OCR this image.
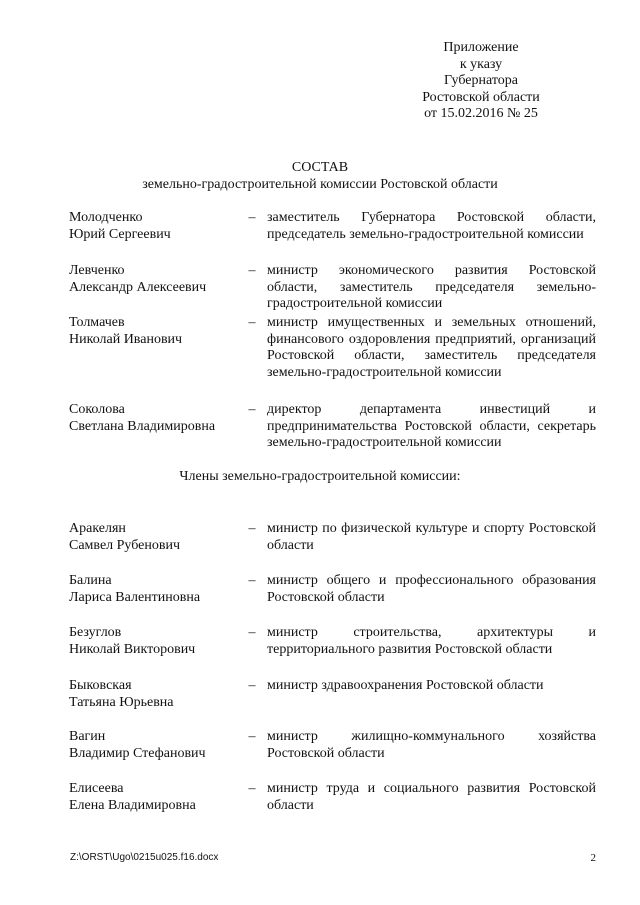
Приложение
к указу
Губернатора
Ростовской области
от 15.02.2016 № 25
СОСТАВ
земельно-градостроительной комиссии Ростовской области
Молодченко
Юрий Сергеевич
– заместитель Губернатора Ростовской области, председатель земельно-градостроительной комиссии
Левченко
Александр Алексеевич
– министр экономического развития Ростовской области, заместитель председателя земельно-градостроительной комиссии
Толмачев
Николай Иванович
– министр имущественных и земельных отношений, финансового оздоровления предприятий, организаций Ростовской области, заместитель председателя земельно-градостроительной комиссии
Соколова
Светлана Владимировна
– директор департамента инвестиций и предпринимательства Ростовской области, секретарь земельно-градостроительной комиссии
Члены земельно-градостроительной комиссии:
Аракелян
Самвел Рубенович
– министр по физической культуре и спорту Ростовской области
Балина
Лариса Валентиновна
– министр общего и профессионального образования Ростовской области
Безуглов
Николай Викторович
– министр строительства, архитектуры и территориального развития Ростовской области
Быковская
Татьяна Юрьевна
– министр здравоохранения Ростовской области
Вагин
Владимир Стефанович
– министр жилищно-коммунального хозяйства Ростовской области
Елисеева
Елена Владимировна
– министр труда и социального развития Ростовской области
Z:\ORST\Ugo\0215u025.f16.docx	2
